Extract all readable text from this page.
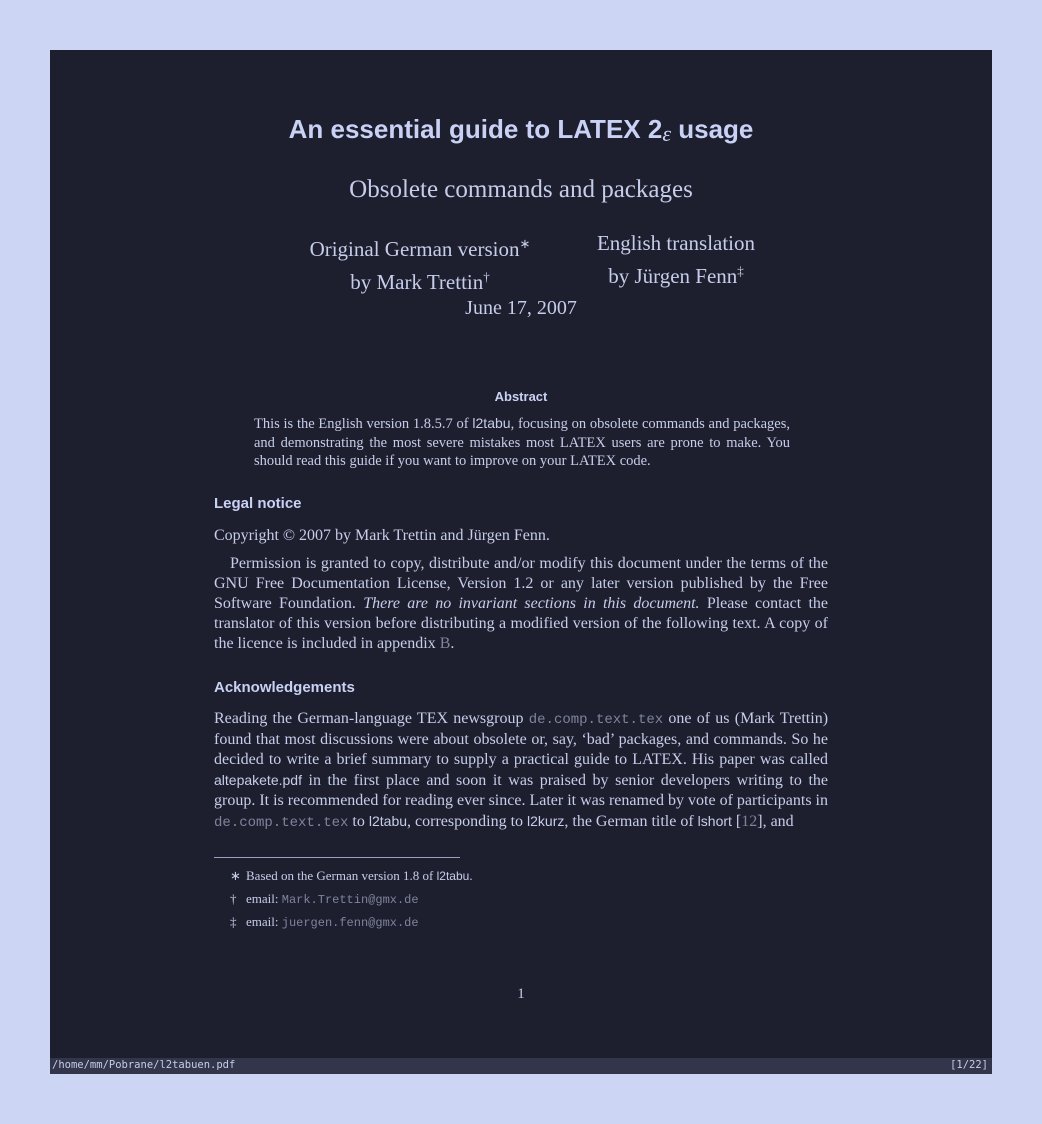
An essential guide to LATEX 2ε usage
Obsolete commands and packages
Original German version∗
by Mark Trettin†
English translation
by Jürgen Fenn‡
June 17, 2007
Abstract
This is the English version 1.8.5.7 of l2tabu, focusing on obsolete commands and packages, and demonstrating the most severe mistakes most LATEX users are prone to make. You should read this guide if you want to improve on your LATEX code.
Legal notice
Copyright © 2007 by Mark Trettin and Jürgen Fenn.
Permission is granted to copy, distribute and/or modify this document under the terms of the GNU Free Documentation License, Version 1.2 or any later version published by the Free Software Foundation. There are no invariant sections in this document. Please contact the translator of this version before distributing a modified version of the following text. A copy of the licence is included in appendix B.
Acknowledgements
Reading the German-language TEX newsgroup de.comp.text.tex one of us (Mark Trettin) found that most discussions were about obsolete or, say, ‘bad’ packages, and commands. So he decided to write a brief summary to supply a practical guide to LATEX. His paper was called altepakete.pdf in the first place and soon it was praised by senior developers writing to the group. It is recommended for reading ever since. Later it was renamed by vote of participants in de.comp.text.tex to l2tabu, corresponding to l2kurz, the German title of lshort [12], and
∗ Based on the German version 1.8 of l2tabu.
† email: Mark.Trettin@gmx.de
‡ email: juergen.fenn@gmx.de
1
/home/mm/Pobrane/l2tabuen.pdf	[1/22]
